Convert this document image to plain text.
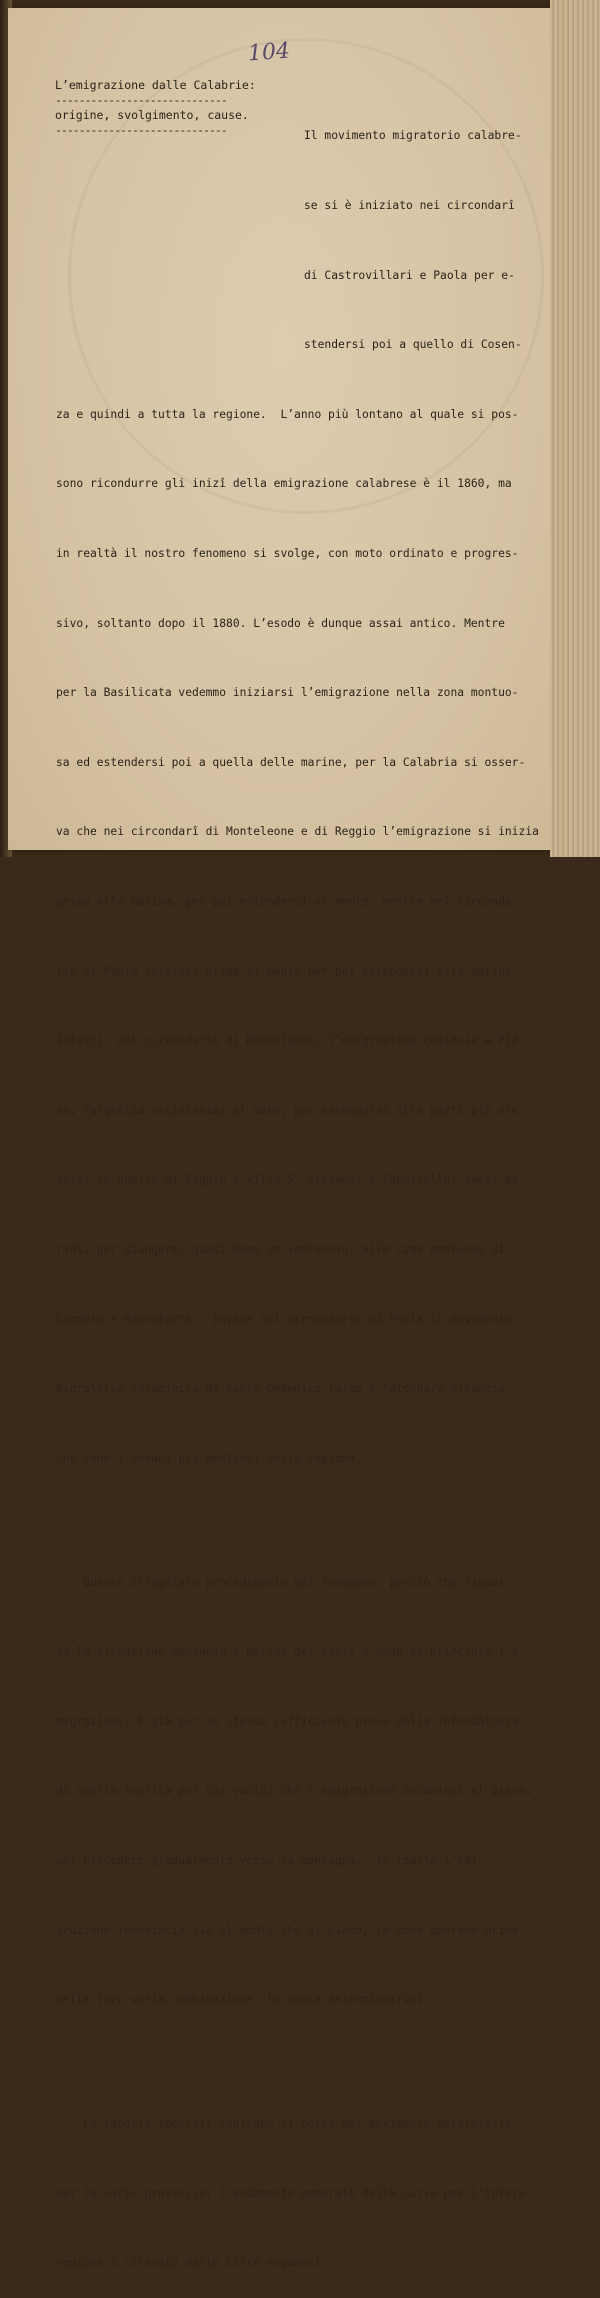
104
L’emigrazione dalle Calabrie:
-----------------------------
origine, svolgimento, cause.
-----------------------------

	Il movimento migratorio calabre-

se si è iniziato nei circondarî

di Castrovillari e Paola per e-

stendersi poi a quello di Cosen-

za e quindi a tutta la regione.  L’anno più lontano al quale si pos-

sono ricondurre gli inizî della emigrazione calabrese è il 1860, ma

in realtà il nostro fenomeno si svolge, con moto ordinato e progres-

sivo, soltanto dopo il 1880. L’esodo è dunque assai antico. Mentre

per la Basilicata vedemmo iniziarsi l’emigrazione nella zona montuo-

sa ed estendersi poi a quella delle marine, per la Calabria si osser-

va che nei circondarî di Monteleone e di Reggio l’emigrazione si inizia

prima alla marina, per poi estendersi al monte, mentre nel circonda-

rio di Paola iniziasi prima al monte per poi estendersi alla marina.

Infatti, nel circondario di Monteleone, l’emigrazione comincia a Piz-

zo, Parghelia vicinissimi al mare, per estendersi alle parti più ele-

vate; in quello di Reggio a Villa S. Giovanni e Cannitello, paesi ma-

rini, per giungere, quasi dopo un ventennio, alle cime montuose di

Cardeto e Roccaforte.  Invece nel circondario di Paola il movimento

migratorio incomincia da Santa Domenica Talao e Falconara Albanese,

che sono i comuni più montuosi della regione.

Questo irregolare procedimento del fenomeno, perciò che riguar-

da la situazione montuosa o marina dei paesi d’onde ha principio l’e-

migrazione, è già per se stesso sufficiente prova della infondatezza

di quella teorica per cui vuolsi che l’emigrazione incominci al piano,

per procedere gradualmente verso la montagna.  In realtà l’emi-

grazione incomincia sia al monte che al piano, là dove operano prima,

nella loro varia combinazione, le cause determinatrici.

Le tabelle speciali indicano il corso del movimento emigratorio

per le varie provincie; l’andamento generale della curva per l’intera

regione è rilevato dalle cifre seguenti:
